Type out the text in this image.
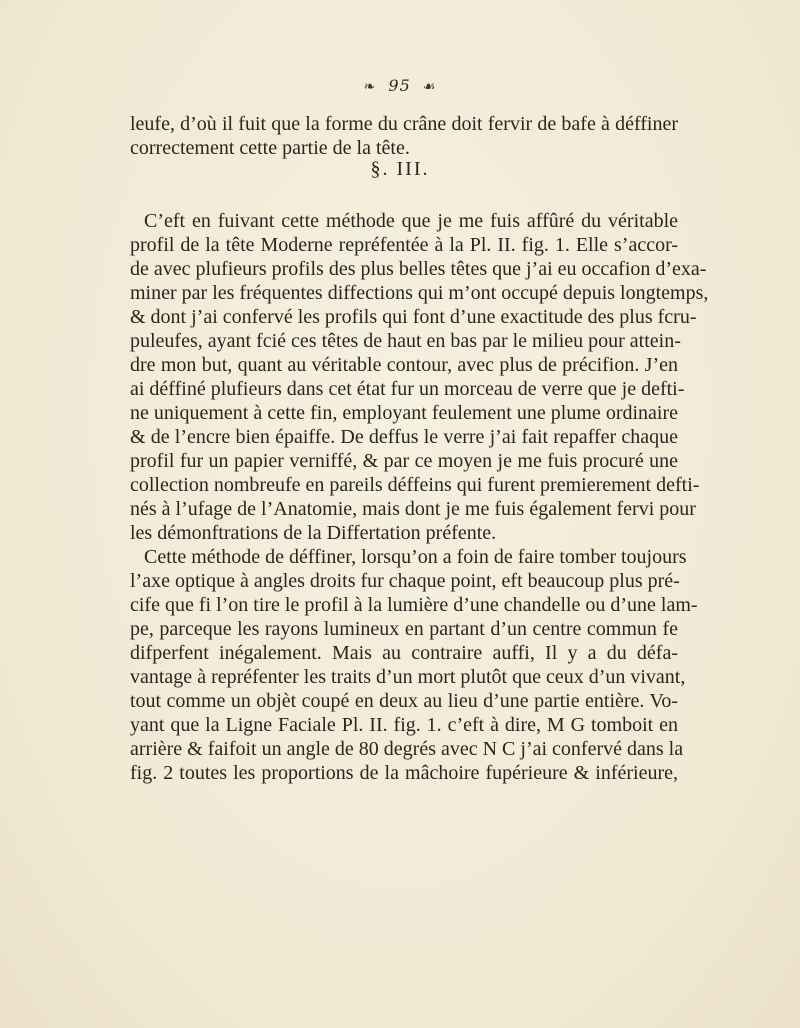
❧ 95 ☙
leufe, d’où il fuit que la forme du crâne doit fervir de bafe à déffiner
correctement cette partie de la tête.
§. III.
C’eft en fuivant cette méthode que je me fuis affûré du véritable
profil de la tête Moderne repréfentée à la Pl. II. fig. 1. Elle s’accor-
de avec plufieurs profils des plus belles têtes que j’ai eu occafion d’exa-
miner par les fréquentes diffections qui m’ont occupé depuis longtemps,
& dont j’ai confervé les profils qui font d’une exactitude des plus fcru-
puleufes, ayant fcié ces têtes de haut en bas par le milieu pour attein-
dre mon but, quant au véritable contour, avec plus de précifion. J’en
ai déffiné plufieurs dans cet état fur un morceau de verre que je defti-
ne uniquement à cette fin, employant feulement une plume ordinaire
& de l’encre bien épaiffe. De deffus le verre j’ai fait repaffer chaque
profil fur un papier verniffé, & par ce moyen je me fuis procuré une
collection nombreufe en pareils déffeins qui furent premierement defti-
nés à l’ufage de l’Anatomie, mais dont je me fuis également fervi pour
les démonftrations de la Differtation préfente.
Cette méthode de déffiner, lorsqu’on a foin de faire tomber toujours
l’axe optique à angles droits fur chaque point, eft beaucoup plus pré-
cife que fi l’on tire le profil à la lumière d’une chandelle ou d’une lam-
pe, parceque les rayons lumineux en partant d’un centre commun fe
difperfent inégalement. Mais au contraire auffi, Il y a du défa-
vantage à repréfenter les traits d’un mort plutôt que ceux d’un vivant,
tout comme un objèt coupé en deux au lieu d’une partie entière. Vo-
yant que la Ligne Faciale Pl. II. fig. 1. c’eft à dire, M G tomboit en
arrière & faifoit un angle de 80 degrés avec N C j’ai confervé dans la
fig. 2 toutes les proportions de la mâchoire fupérieure & inférieure,
